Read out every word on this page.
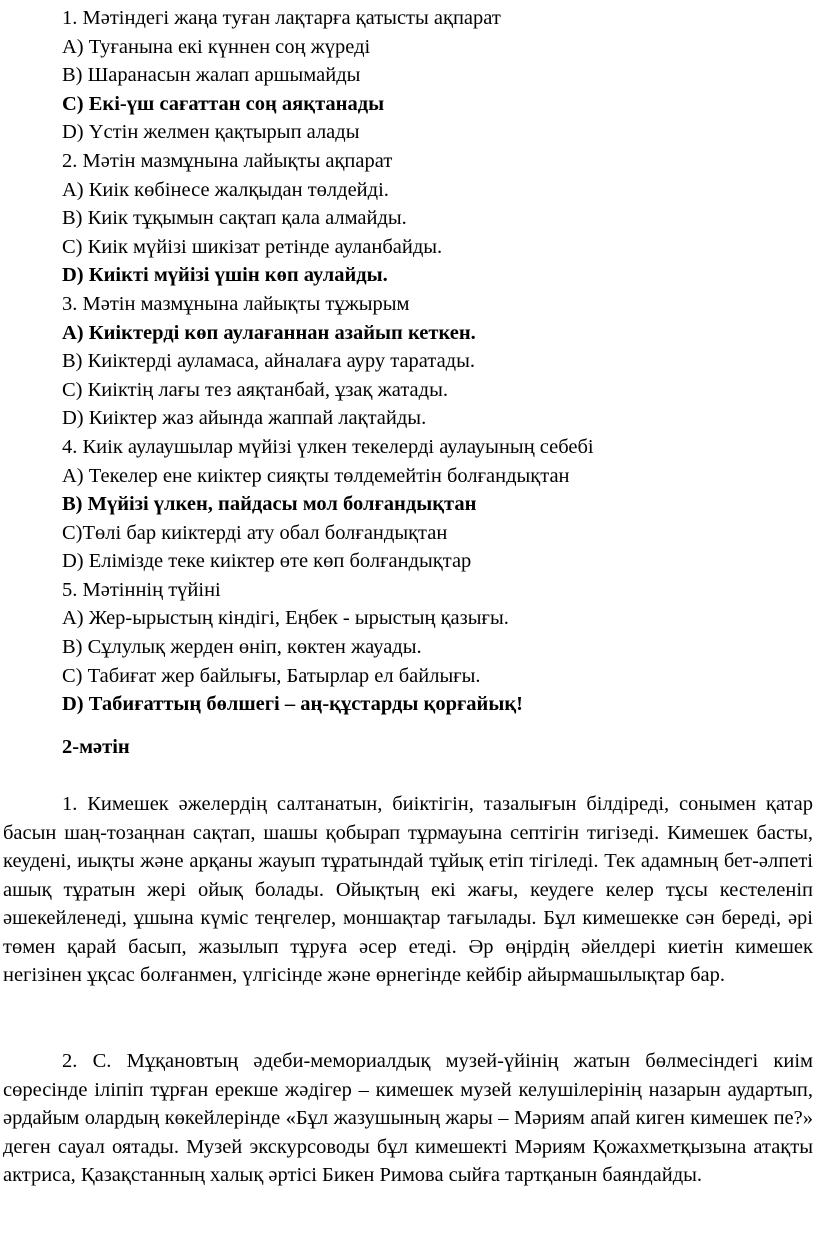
1. Мәтіндегі жаңа туған лақтарға қатысты ақпарат
А) Туғанына екі күннен соң жүреді
В) Шаранасын жалап аршымайды
С) Екі-үш сағаттан соң аяқтанады
D) Үстін желмен қақтырып алады
2. Мәтін мазмұнына лайықты ақпарат
А) Киік көбінесе жалқыдан төлдейді.
В) Киік тұқымын сақтап қала алмайды.
С) Киік мүйізі шикізат ретінде ауланбайды.
D) Киікті мүйізі үшін көп аулайды.
3. Мәтін мазмұнына лайықты тұжырым
А) Киіктерді көп аулағаннан азайып кеткен.
В) Киіктерді ауламаса, айналаға ауру таратады.
С) Киіктің лағы тез аяқтанбай, ұзақ жатады.
D) Киіктер жаз айында жаппай лақтайды.
4. Киік аулаушылар мүйізі үлкен текелерді аулауының себебі
А) Текелер ене киіктер сияқты төлдемейтін болғандықтан
В) Мүйізі үлкен, пайдасы мол болғандықтан
С)Төлі бар киіктерді ату обал болғандықтан
D) Елімізде теке киіктер өте көп болғандықтар
5. Мәтіннің түйіні
А) Жер-ырыстың кіндігі, Еңбек - ырыстың қазығы.
В) Сұлулық жерден өніп, көктен жауады.
С) Табиғат жер байлығы, Батырлар ел байлығы.
D) Табиғаттың бөлшегі – аң-құстарды қорғайық!
2-мәтін

1. Кимешек әжелердің салтанатын, биіктігін, тазалығын білдіреді, сонымен қатар басын шаң-тозаңнан сақтап, шашы қобырап тұрмауына септігін тигізеді. Кимешек басты, кеудені, иықты және арқаны жауып тұратындай тұйық етіп тігіледі. Тек адамның бет-әлпеті ашық тұратын жері ойық болады. Ойықтың екі жағы, кеудеге келер тұсы кестеленіп әшекейленеді, ұшына күміс теңгелер, моншақтар тағылады. Бұл кимешекке сән береді, әрі төмен қарай басып, жазылып тұруға әсер етеді. Әр өңірдің әйелдері киетін кимешек негізінен ұқсас болғанмен, үлгісінде және өрнегінде кейбір айырмашылықтар бар.

2. С. Мұқановтың әдеби-мемориалдық музей-үйінің жатын бөлмесіндегі киім сөресінде іліпіп тұрған ерекше жәдігер – кимешек музей келушілерінің назарын аудартып, әрдайым олардың көкейлерінде «Бұл жазушының жары – Мәриям апай киген кимешек пе?» деген сауал оятады. Музей экскурсоводы бұл кимешекті Мәриям Қожахметқызына атақты актриса, Қазақстанның халық әртісі Бикен Римова сыйға тартқанын баяндайды.
